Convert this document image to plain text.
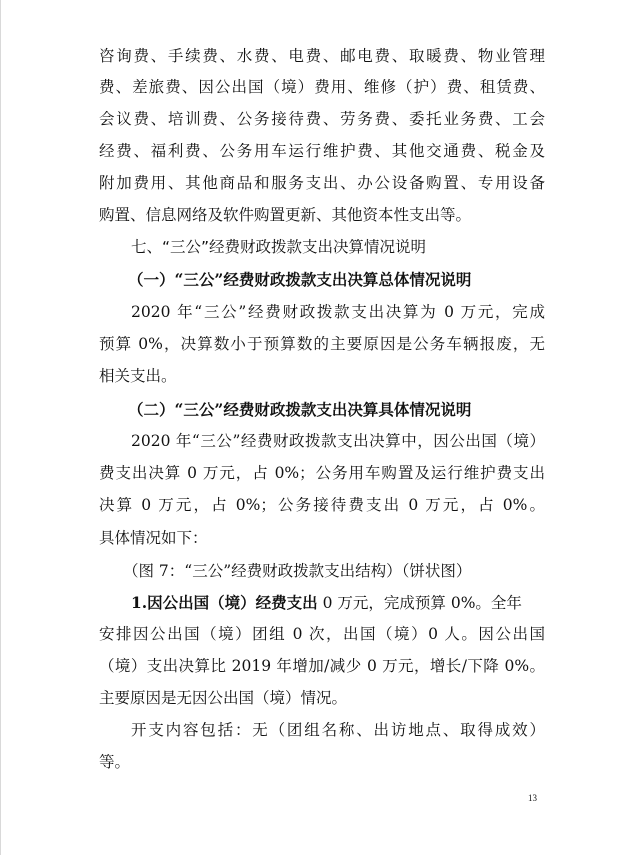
咨询费、手续费、水费、电费、邮电费、取暖费、物业管理
费、差旅费、因公出国（境）费用、维修（护）费、租赁费、
会议费、培训费、公务接待费、劳务费、委托业务费、工会
经费、福利费、公务用车运行维护费、其他交通费、税金及
附加费用、其他商品和服务支出、办公设备购置、专用设备
购置、信息网络及软件购置更新、其他资本性支出等。
七、“三公”经费财政拨款支出决算情况说明
（一）“三公”经费财政拨款支出决算总体情况说明
2020 年“三公”经费财政拨款支出决算为 0 万元，完成
预算 0%，决算数小于预算数的主要原因是公务车辆报废，无
相关支出。
（二）“三公”经费财政拨款支出决算具体情况说明
2020 年“三公”经费财政拨款支出决算中，因公出国（境）
费支出决算 0 万元，占 0%；公务用车购置及运行维护费支出
决算 0 万元，占 0%；公务接待费支出 0 万元，占 0%。
具体情况如下：
（图 7：“三公”经费财政拨款支出结构）（饼状图）
1.因公出国（境）经费支出 0 万元，完成预算 0%。全年
安排因公出国（境）团组 0 次，出国（境）0 人。因公出国
（境）支出决算比 2019 年增加/减少 0 万元，增长/下降 0%。
主要原因是无因公出国（境）情况。
开支内容包括：无（团组名称、出访地点、取得成效）
等。
13
